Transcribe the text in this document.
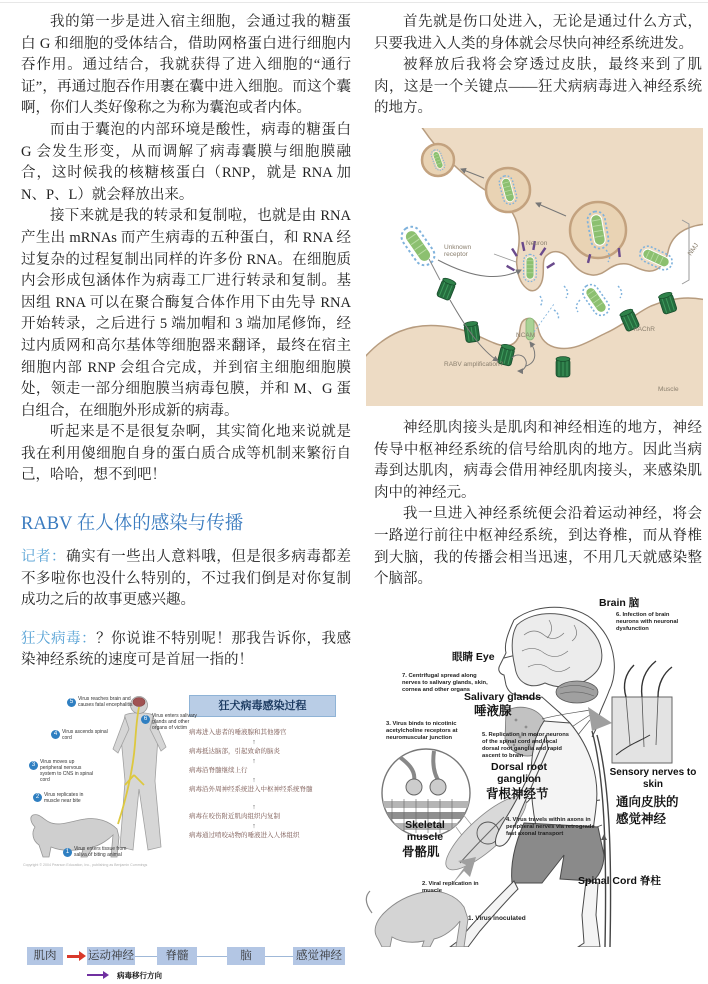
我的第一步是进入宿主细胞，会通过我的糖蛋白 G 和细胞的受体结合，借助网格蛋白进行细胞内吞作用。通过结合，我就获得了进入细胞的“通行证”，再通过胞吞作用裹在囊中进入细胞。而这个囊啊，你们人类好像称之为称为囊泡或者内体。

而由于囊泡的内部环境是酸性，病毒的糖蛋白 G 会发生形变，从而调解了病毒囊膜与细胞膜融合，这时候我的核糖核蛋白（RNP，就是 RNA 加 N、P、L）就会释放出来。

接下来就是我的转录和复制啦，也就是由 RNA 产生出 mRNAs 而产生病毒的五种蛋白，和 RNA 经过复杂的过程复制出同样的许多份 RNA。在细胞质内会形成包涵体作为病毒工厂进行转录和复制。基因组 RNA 可以在聚合酶复合体作用下由先导 RNA 开始转录，之后进行 5 端加帽和 3 端加尾修饰，经过内质网和高尔基体等细胞器来翻译，最终在宿主细胞内部 RNP 会组合完成，并到宿主细胞细胞膜处，领走一部分细胞膜当病毒包膜，并和 M、G 蛋白组合，在细胞外形成新的病毒。

听起来是不是很复杂啊，其实简化地来说就是我在利用傻细胞自身的蛋白质合成等机制来繁衍自己，哈哈，想不到吧！

RABV 在人体的感染与传播

记者：确实有一些出人意料哦，但是很多病毒都差不多啦你也没什么特别的，不过我们倒是对你复制成功之后的故事更感兴趣。

狂犬病毒：？你说谁不特别呢！那我告诉你，我感染神经系统的速度可是首屈一指的！

狂犬病毒感染过程
1 Virus enters tissue from saliva of biting animal
2 Virus replicates in muscle near bite
3 Virus moves up peripheral nervous system to CNS in spinal cord
4 Virus ascends spinal cord
5 Virus reaches brain and causes fatal encephalitis
6 Virus enters salivary glands and other organs of victim
病毒进入患者的唾液腺和其他器官
↑
病毒抵达脑部，引起致命的脑炎
↑
病毒沿脊髓继续上行
↑
病毒沿外周神经系统进入中枢神经系统脊髓
↑
病毒在咬伤附近肌肉组织内复制
↑
病毒通过啃咬动物的唾液进入人体组织
Copyright © 2004 Pearson Education, Inc., publishing as Benjamin Cummings
肌肉	运动神经	脊髓	脑	感觉神经
病毒移行方向

首先就是伤口处进入，无论是通过什么方式，只要我进入人类的身体就会尽快向神经系统进发。

被释放后我将会穿透过皮肤，最终来到了肌肉，这是一个关键点——狂犬病病毒进入神经系统的地方。

Neuron	NMJ
Unknown receptor
NCAM
nAChR
Muscle
RABV amplification?

神经肌肉接头是肌肉和神经相连的地方，神经传导中枢神经系统的信号给肌肉的地方。因此当病毒到达肌肉，病毒会借用神经肌肉接头，来感染肌肉中的神经元。

我一旦进入神经系统便会沿着运动神经，将会一路逆行前往中枢神经系统，到达脊椎，而从脊椎到大脑，我的传播会相当迅速，不用几天就感染整个脑部。

Brain 脑
6. Infection of brain neurons with neuronal dysfunction
眼睛 Eye
7. Centrifugal spread along nerves to salivary glands, skin, cornea and other organs
Salivary glands
唾液腺
3. Virus binds to nicotinic acetylcholine receptors at neuromuscular junction	5. Replication in motor neurons of the spinal cord and local dorsal root ganglia and rapid ascent to brain
Dorsal root ganglion
背根神经节
Sensory nerves to skin
通向皮肤的
感觉神经
4. Virus travels within axons in peripheral nerves via retrograde fast axonal transport
Skeletal muscle
骨骼肌
Spinal Cord 脊柱
2. Viral replication in muscle
1. Virus inoculated
